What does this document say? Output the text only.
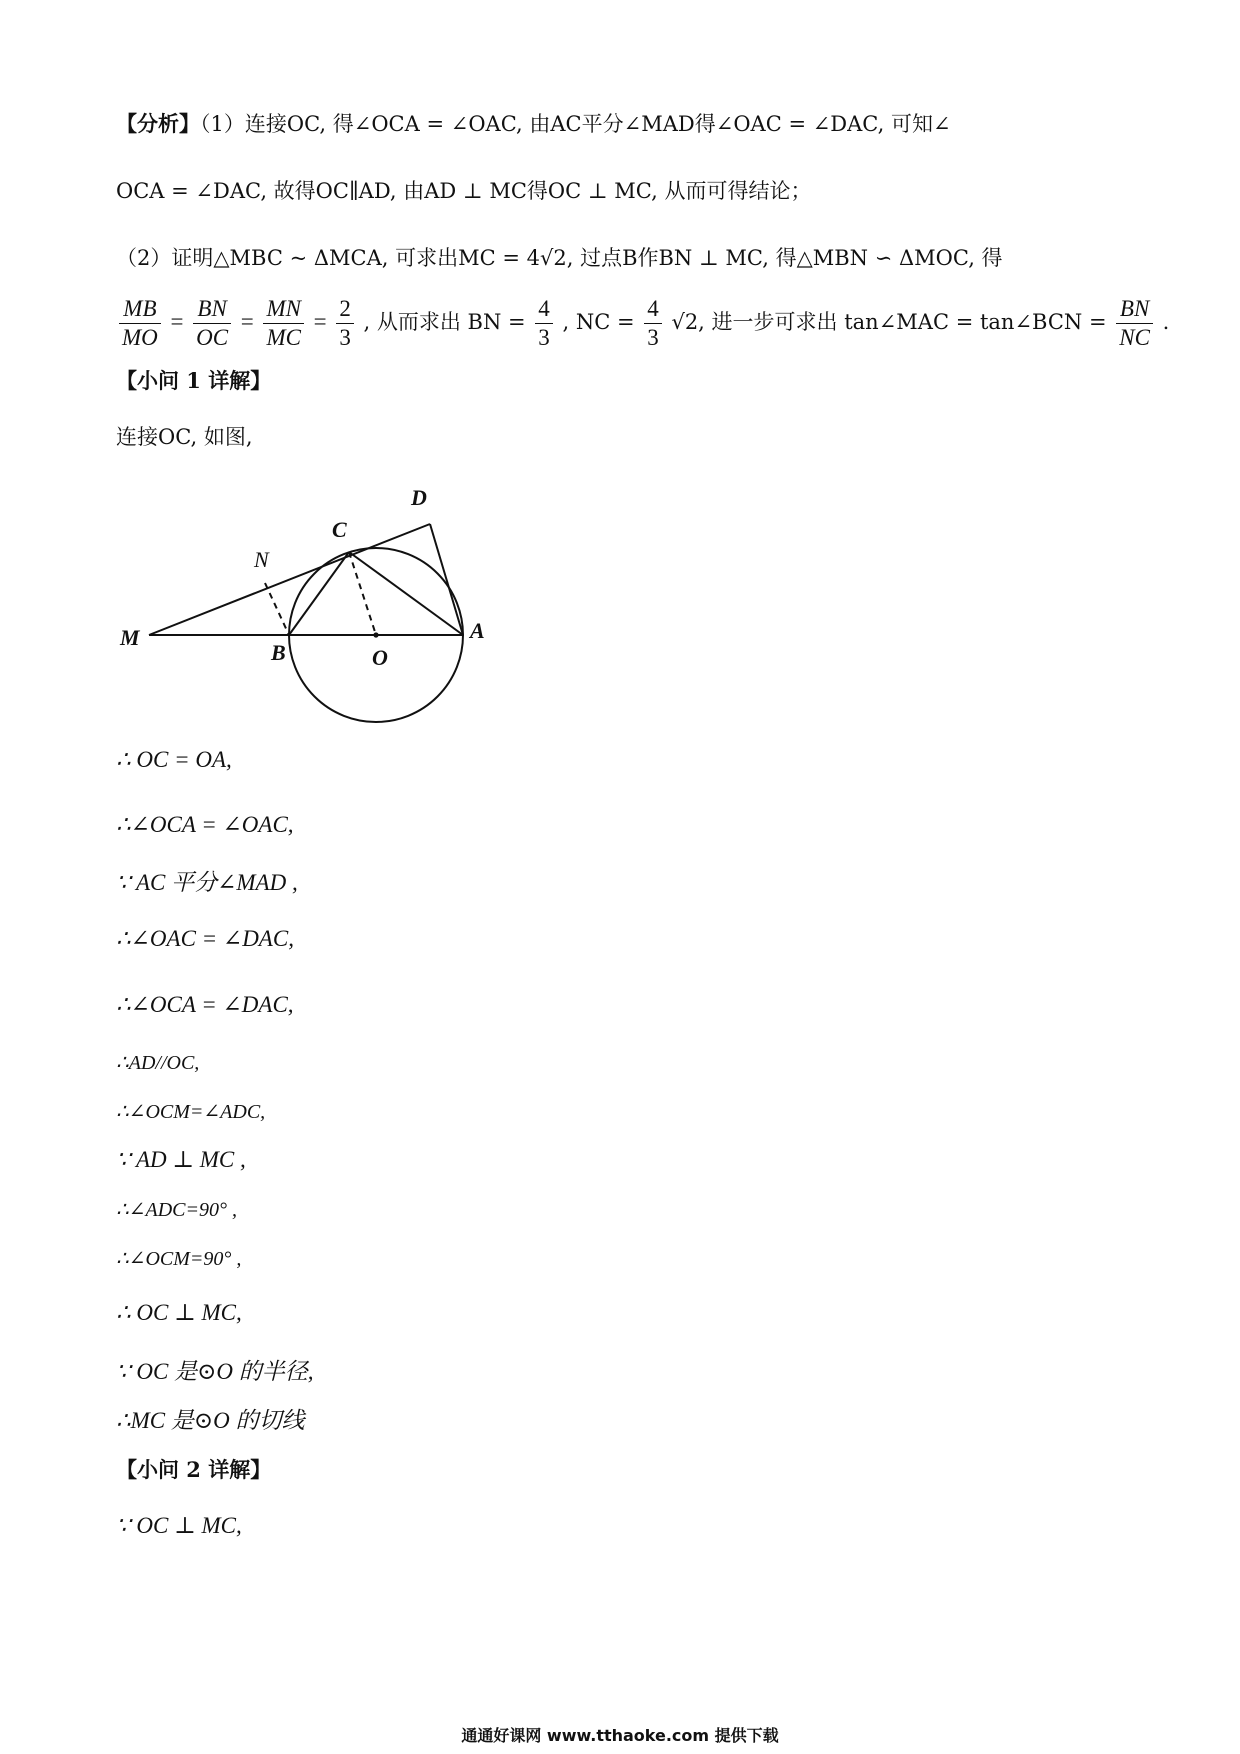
【分析】（1）连接OC, 得∠OCA = ∠OAC, 由AC平分∠MAD得∠OAC = ∠DAC, 可知∠
OCA = ∠DAC, 故得OC∥AD, 由AD ⊥ MC得OC ⊥ MC, 从而可得结论；
（2）证明△MBC ~ ΔMCA, 可求出MC = 4√2, 过点B作BN ⊥ MC, 得△MBN ∽ ΔMOC, 得
$\frac{MB}{MO} = \frac{BN}{OC} = \frac{MN}{MC} = \frac{2}{3}$ , 从而求出 BN = $\frac{4}{3}$ , NC = $\frac{4}{3} √2$, 进一步可求出 tan∠MAC = tan∠BCN = $\frac{BN}{NC}$ .
【小问 1 详解】
连接OC, 如图,
D
C
N
M
B	O
A
∴ OC = OA,
∴∠OCA = ∠OAC,
∵ AC 平分∠MAD ,
∴∠OAC = ∠DAC,
∴∠OCA = ∠DAC,
∴AD//OC,
∴∠OCM=∠ADC,
∵ AD ⊥ MC ,
∴∠ADC=90° ,
∴∠OCM=90° ,
∴ OC ⊥ MC,
∵ OC 是⊙O 的半径,
∴MC 是⊙O 的切线
【小问 2 详解】
∵ OC ⊥ MC,
通通好课网 www.tthaoke.com 提供下载
